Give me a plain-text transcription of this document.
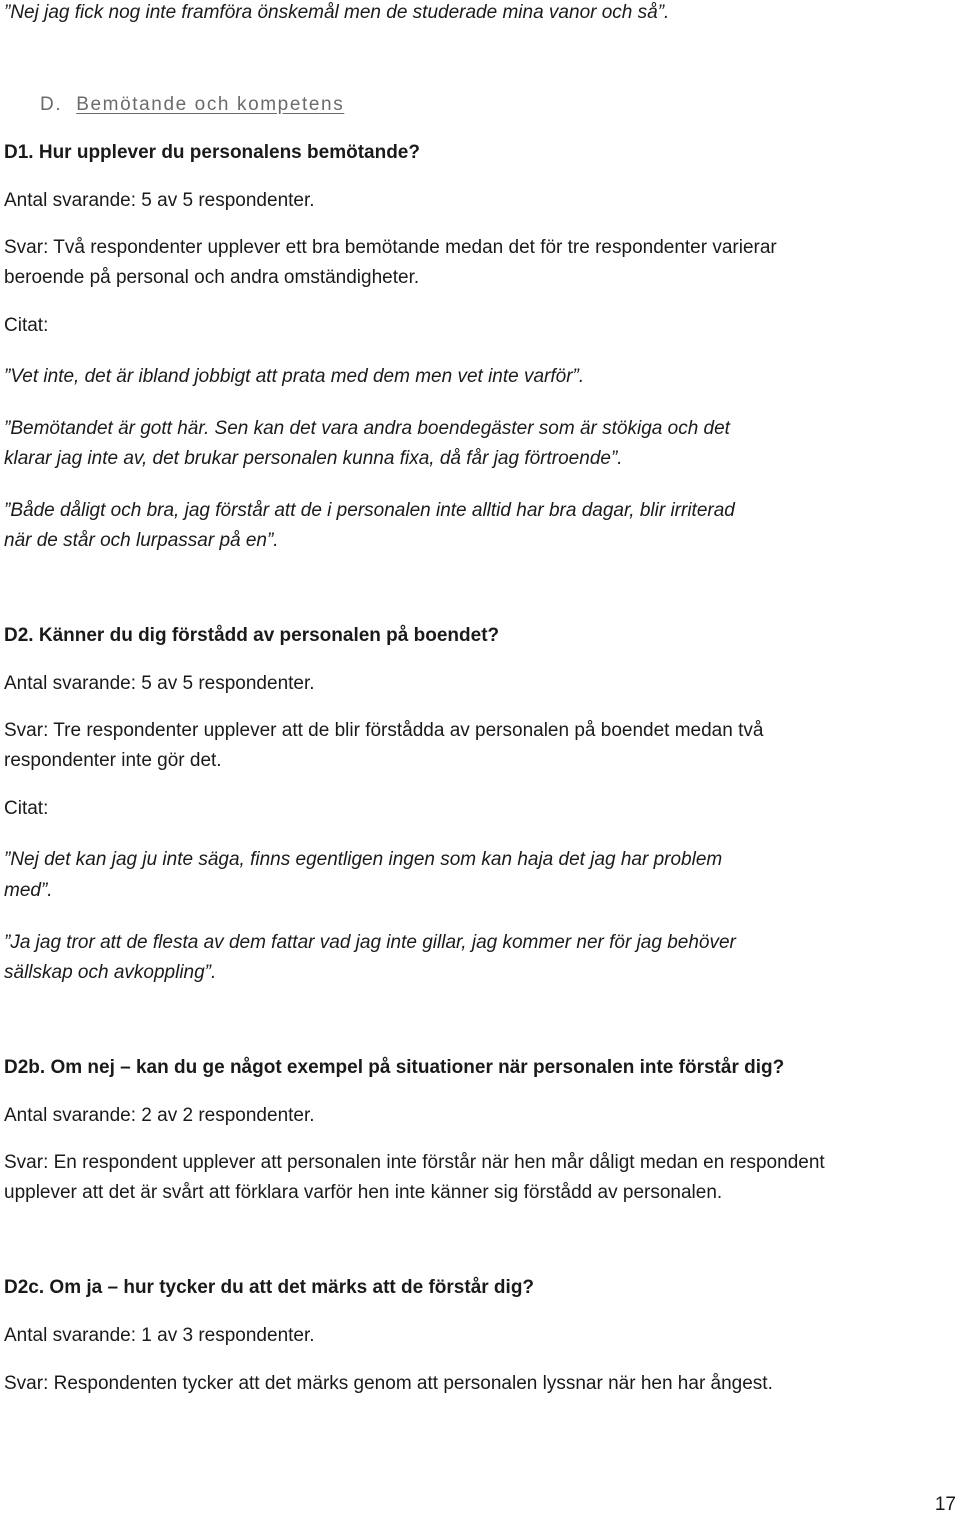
”Nej jag fick nog inte framföra önskemål men de studerade mina vanor och så”.
D. Bemötande och kompetens
D1. Hur upplever du personalens bemötande?
Antal svarande: 5 av 5 respondenter.
Svar: Två respondenter upplever ett bra bemötande medan det för tre respondenter varierar
beroende på personal och andra omständigheter.
Citat:
”Vet inte, det är ibland jobbigt att prata med dem men vet inte varför”.
”Bemötandet är gott här. Sen kan det vara andra boendegäster som är stökiga och det
klarar jag inte av, det brukar personalen kunna fixa, då får jag förtroende”.
”Både dåligt och bra, jag förstår att de i personalen inte alltid har bra dagar, blir irriterad
när de står och lurpassar på en”.
D2. Känner du dig förstådd av personalen på boendet?
Antal svarande: 5 av 5 respondenter.
Svar: Tre respondenter upplever att de blir förstådda av personalen på boendet medan två
respondenter inte gör det.
Citat:
”Nej det kan jag ju inte säga, finns egentligen ingen som kan haja det jag har problem
med”.
”Ja jag tror att de flesta av dem fattar vad jag inte gillar, jag kommer ner för jag behöver
sällskap och avkoppling”.
D2b. Om nej – kan du ge något exempel på situationer när personalen inte förstår dig?
Antal svarande: 2 av 2 respondenter.
Svar: En respondent upplever att personalen inte förstår när hen mår dåligt medan en respondent
upplever att det är svårt att förklara varför hen inte känner sig förstådd av personalen.
D2c. Om ja – hur tycker du att det märks att de förstår dig?
Antal svarande: 1 av 3 respondenter.
Svar: Respondenten tycker att det märks genom att personalen lyssnar när hen har ångest.
17
